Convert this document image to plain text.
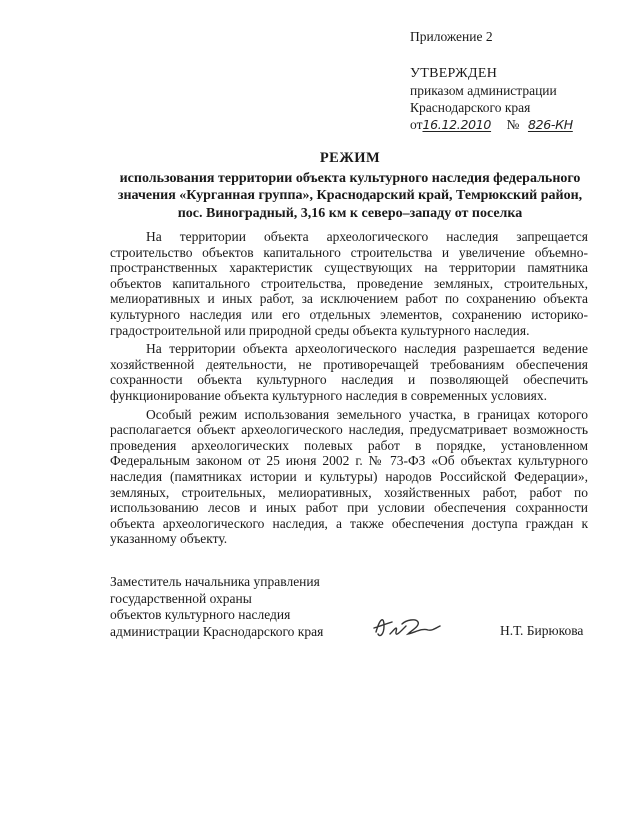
Приложение 2
УТВЕРЖДЕН
приказом администрации
Краснодарского края
от16.12.2010 № 826-КН
РЕЖИМ
использования территории объекта культурного наследия федерального
значения «Курганная группа», Краснодарский край, Темрюкский район,
пос. Виноградный, 3,16 км к северо–западу от поселка

На территории объекта археологического наследия запрещается строительство объектов капитального строительства и увеличение объемно-пространственных характеристик существующих на территории памятника объектов капитального строительства, проведение земляных, строительных, мелиоративных и иных работ, за исключением работ по сохранению объекта культурного наследия или его отдельных элементов, сохранению историко-градостроительной или природной среды объекта культурного наследия.

На территории объекта археологического наследия разрешается ведение хозяйственной деятельности, не противоречащей требованиям обеспечения сохранности объекта культурного наследия и позволяющей обеспечить функционирование объекта культурного наследия в современных условиях.

Особый режим использования земельного участка, в границах которого располагается объект археологического наследия, предусматривает возможность проведения археологических полевых работ в порядке, установленном Федеральным законом от 25 июня 2002 г. № 73-ФЗ «Об объектах культурного наследия (памятниках истории и культуры) народов Российской Федерации», земляных, строительных, мелиоративных, хозяйственных работ, работ по использованию лесов и иных работ при условии обеспечения сохранности объекта археологического наследия, а также обеспечения доступа граждан к указанному объекту.

Заместитель начальника управления
государственной охраны
объектов культурного наследия
администрации Краснодарского края	Н.Т. Бирюкова
